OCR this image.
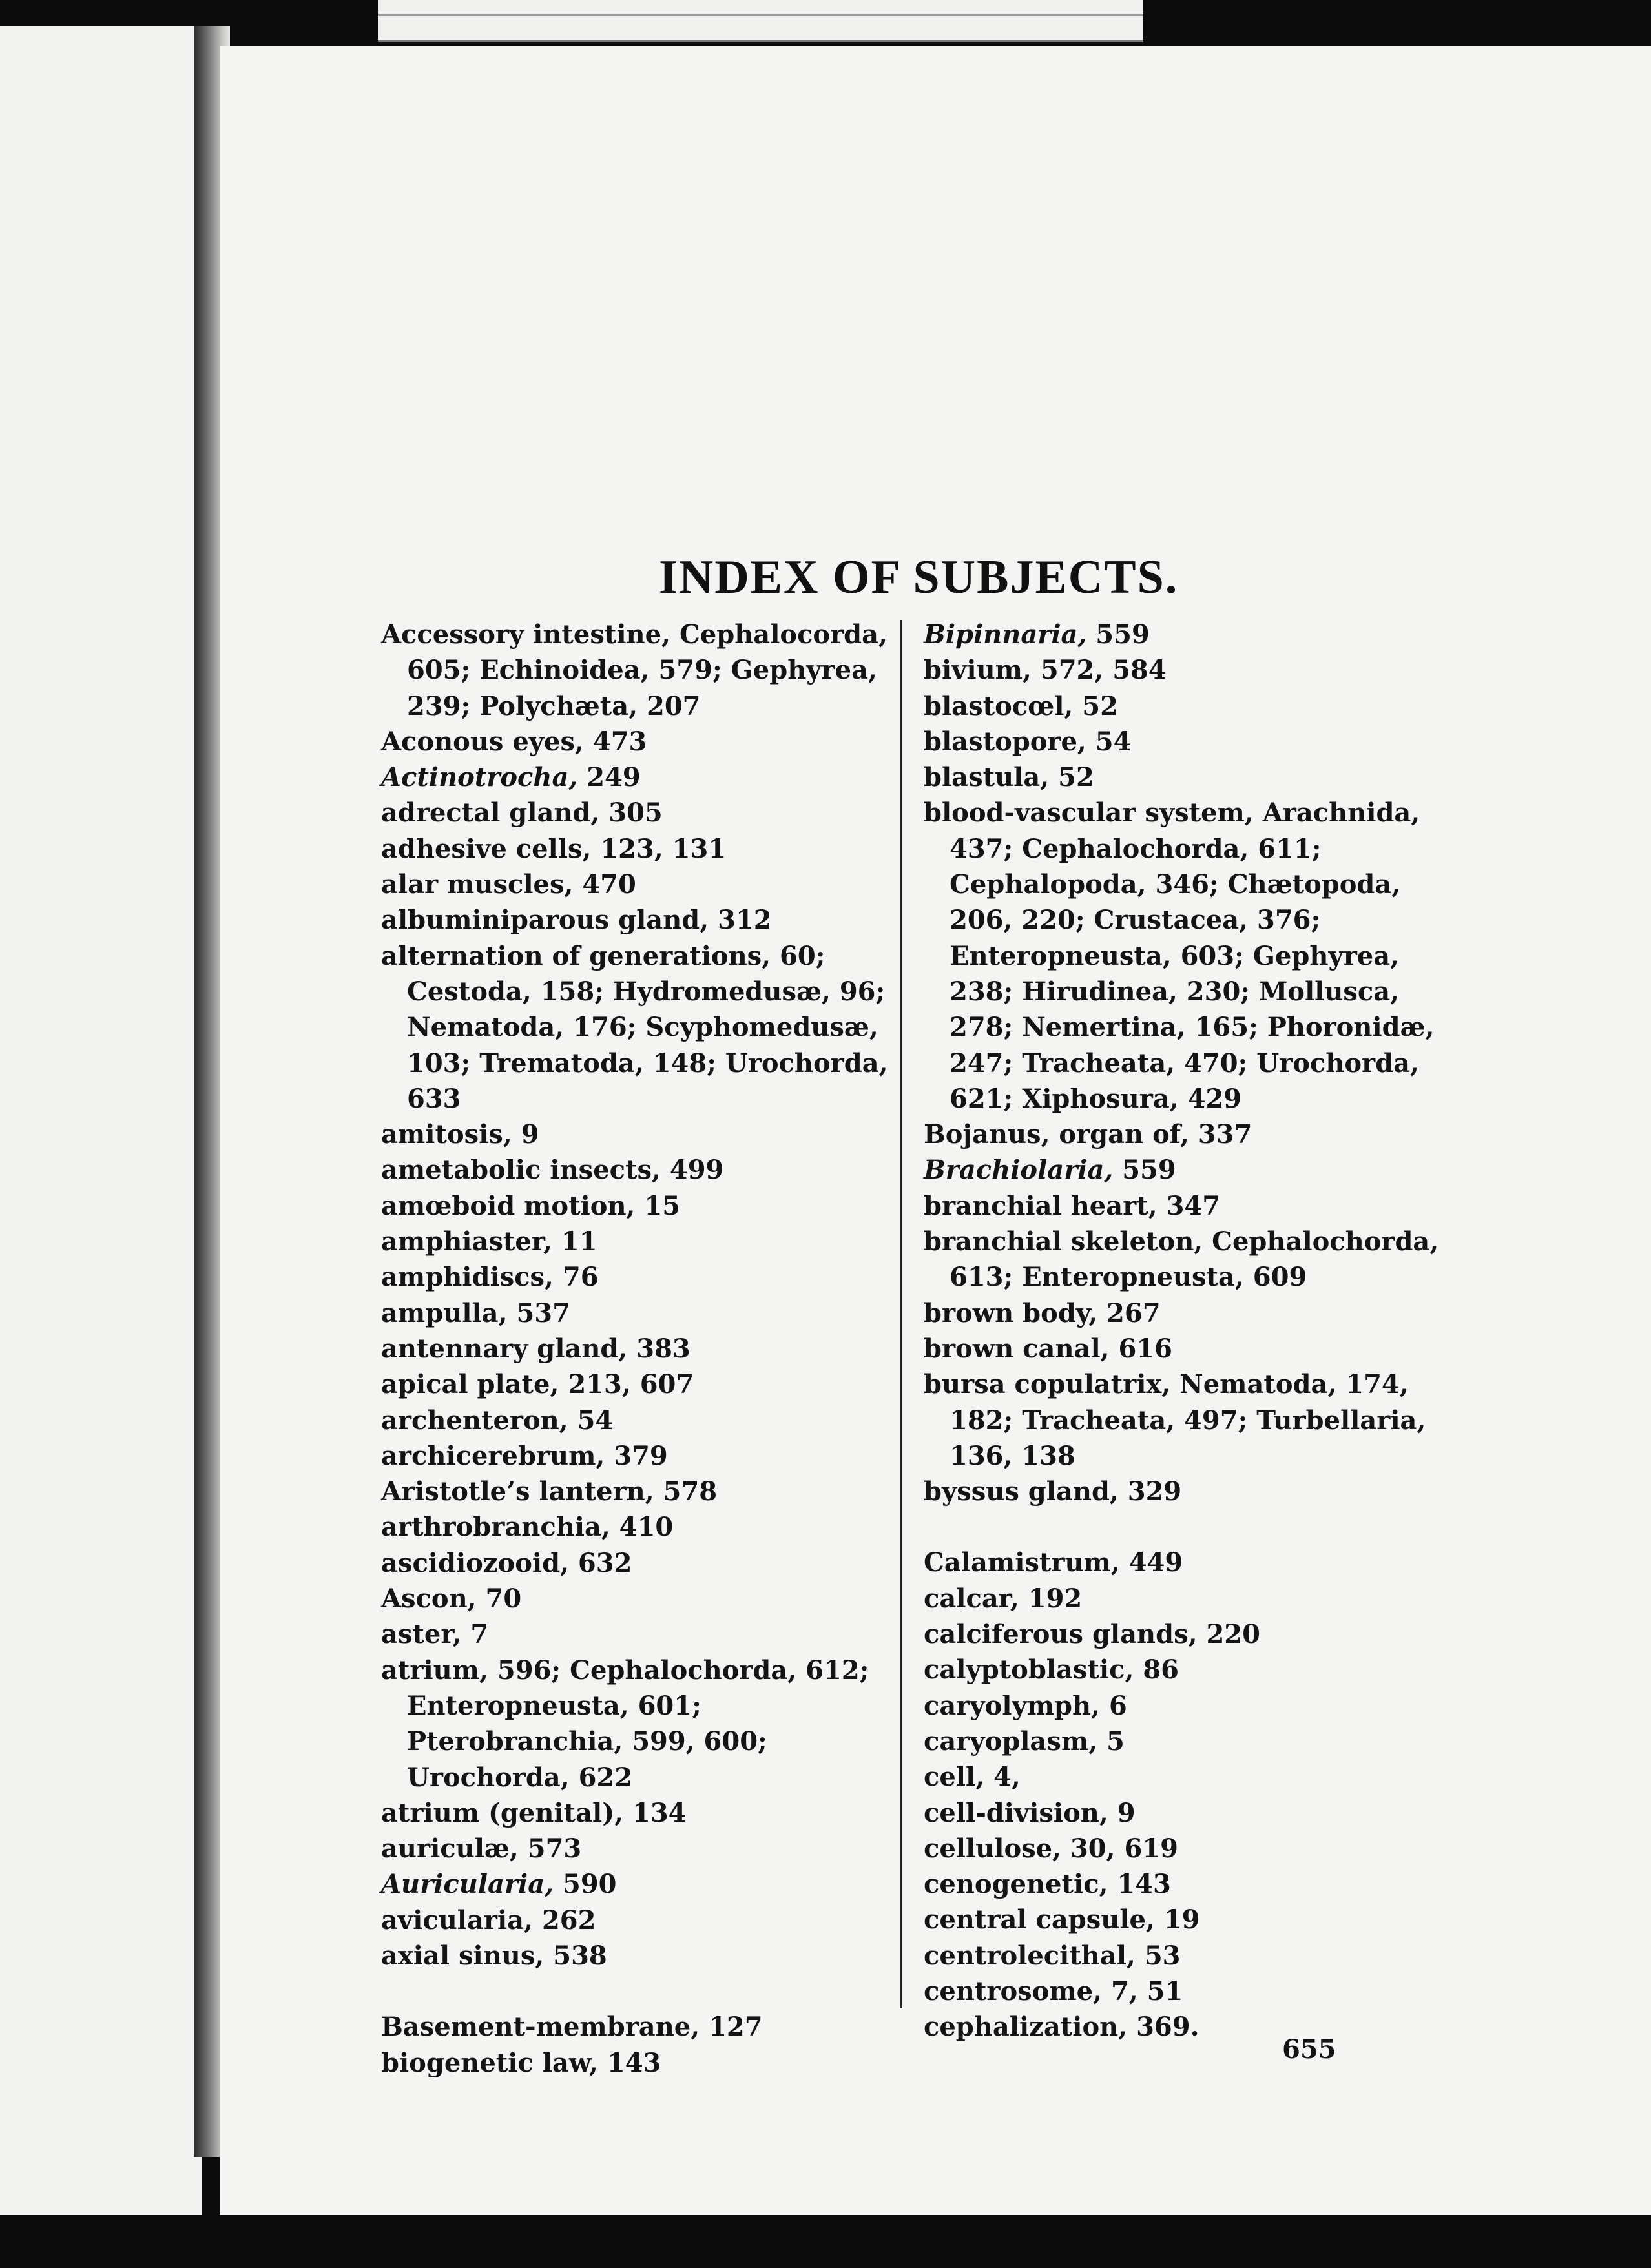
INDEX OF SUBJECTS.

Accessory intestine, Cephalocorda, 605; Echinoidea, 579; Gephyrea, 239; Polychæta, 207

Aconous eyes, 473

Actinotrocha, 249

adrectal gland, 305

adhesive cells, 123, 131

alar muscles, 470

albuminiparous gland, 312

alternation of generations, 60; Cestoda, 158; Hydromedusæ, 96; Nematoda, 176; Scyphomedusæ, 103; Trematoda, 148; Urochorda, 633

amitosis, 9

ametabolic insects, 499

amœboid motion, 15

amphiaster, 11

amphidiscs, 76

ampulla, 537

antennary gland, 383

apical plate, 213, 607

archenteron, 54

archicerebrum, 379

Aristotle’s lantern, 578

arthrobranchia, 410

ascidiozooid, 632

Ascon, 70

aster, 7

atrium, 596; Cephalochorda, 612; Enteropneusta, 601; Pterobranchia, 599, 600; Urochorda, 622

atrium (genital), 134

auriculæ, 573

Auricularia, 590

avicularia, 262

axial sinus, 538

Basement-membrane, 127

biogenetic law, 143

Bipinnaria, 559

bivium, 572, 584

blastocœl, 52

blastopore, 54

blastula, 52

blood-vascular system, Arachnida, 437; Cephalochorda, 611; Cephalopoda, 346; Chætopoda, 206, 220; Crustacea, 376; Enteropneusta, 603; Gephyrea, 238; Hirudinea, 230; Mollusca, 278; Nemertina, 165; Phoronidæ, 247; Tracheata, 470; Urochorda, 621; Xiphosura, 429

Bojanus, organ of, 337

Brachiolaria, 559

branchial heart, 347

branchial skeleton, Cephalochorda, 613; Enteropneusta, 609

brown body, 267

brown canal, 616

bursa copulatrix, Nematoda, 174, 182; Tracheata, 497; Turbellaria, 136, 138

byssus gland, 329

Calamistrum, 449

calcar, 192

calciferous glands, 220

calyptoblastic, 86

caryolymph, 6

caryoplasm, 5

cell, 4,

cell-division, 9

cellulose, 30, 619

cenogenetic, 143

central capsule, 19

centrolecithal, 53

centrosome, 7, 51

cephalization, 369.

655
